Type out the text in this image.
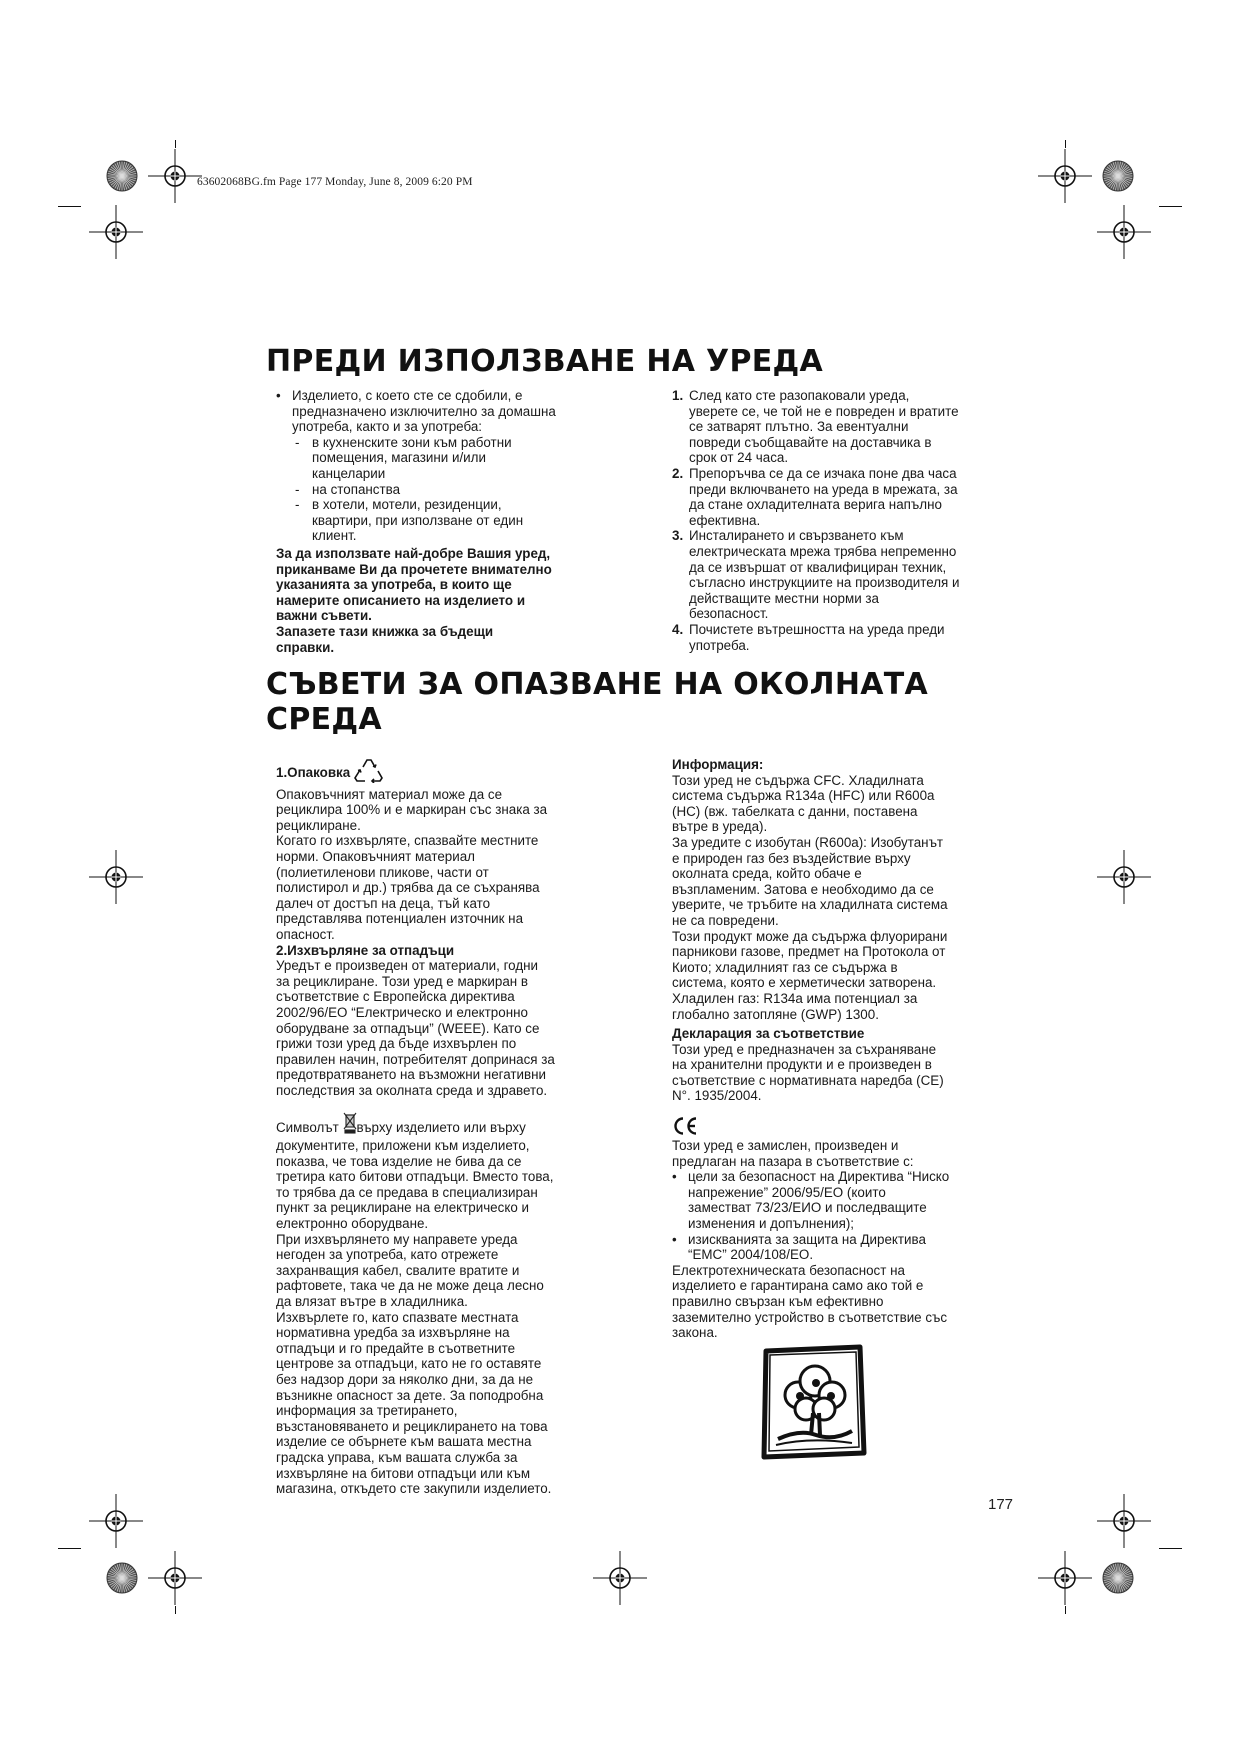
63602068BG.fm Page 177 Monday, June 8, 2009 6:20 PM
ПРЕДИ ИЗПОЛЗВАНЕ НА УРЕДА
• Изделието, с което сте се сдобили, е

предназначено изключително за домашна

употреба, както и за употреба:

- в кухненските зони към работни

помещения, магазини и/или

канцеларии

- на стопанства

- в хотели, мотели, резиденции,

квартири, при използване от един

клиент.

За да използвате най-добре Вашия уред,

приканваме Ви да прочетете внимателно

указанията за употреба, в които ще

намерите описанието на изделието и

важни съвети.

Запазете тази книжка за бъдещи

справки.

1. След като сте разопаковали уреда,

уверете се, че той не е повреден и вратите

се затварят плътно. За евентуални

повреди съобщавайте на доставчика в

срок от 24 часа.

2. Препоръчва се да се изчака поне два часа

преди включването на уреда в мрежата, за

да стане охладителната верига напълно

ефективна.

3. Инсталирането и свързването към

електрическата мрежа трябва непременно

да се извършат от квалифициран техник,

съгласно инструкциите на производителя и

действащите местни норми за

безопасност.

4. Почистете вътрешността на уреда преди

употреба.

СЪВЕТИ ЗА ОПАЗВАНЕ НА ОКОЛНАТА
СРЕДА

1.Опаковка

Опаковъчният материал може да се

рециклира 100% и е маркиран със знака за

рециклиране.

Когато го изхвърляте, спазвайте местните

норми. Опаковъчният материал

(полиетиленови пликове, части от

полистирол и др.) трябва да се съхранява

далеч от достъп на деца, тъй като

представлява потенциален източник на

опасност.

2.Изхвърляне за отпадъци

Уредът е произведен от материали, годни

за рециклиране. Този уред е маркиран в

съответствие с Европейска директива

2002/96/ЕО “Електрическо и електронно

оборудване за отпадъци” (WEEE). Като се

грижи този уред да бъде изхвърлен по

правилен начин, потребителят допринася за

предотвратяването на възможни негативни

последствия за околната среда и здравето.

Символът върху изделието или върху

документите, приложени към изделието,

показва, че това изделие не бива да се

третира като битови отпадъци. Вместо това,

то трябва да се предава в специализиран

пункт за рециклиране на електрическо и

електронно оборудване.

При изхвърлянето му направете уреда

негоден за употреба, като отрежете

захранващия кабел, свалите вратите и

рафтовете, така че да не може деца лесно

да влязат вътре в хладилника.

Изхвърлете го, като спазвате местната

нормативна уредба за изхвърляне на

отпадъци и го предайте в съответните

центрове за отпадъци, като не го оставяте

без надзор дори за няколко дни, за да не

възникне опасност за дете. За поподробна

информация за третирането,

възстановяването и рециклирането на това

изделие се обърнете към вашата местна

градска управа, към вашата служба за

изхвърляне на битови отпадъци или към

магазина, откъдето сте закупили изделието.

Информация:

Този уред не съдържа CFC. Хладилната

система съдържа R134a (HFC) или R600a

(HC) (вж. табелката с данни, поставена

вътре в уреда).

За уредите с изобутан (R600a): Изобутанът

е природен газ без въздействие върху

околната среда, който обаче е

възпламеним. Затова е необходимо да се

уверите, че тръбите на хладилната система

не са повредени.

Този продукт може да съдържа флуорирани

парникови газове, предмет на Протокола от

Киото; хладилният газ се съдържа в

система, която е херметически затворена.

Хладилен газ: R134a има потенциал за

глобално затопляне (GWP) 1300.

Декларация за съответствие

Този уред е предназначен за съхраняване

на хранителни продукти и е произведен в

съответствие с нормативната наредба (CE)

N°. 1935/2004.

Този уред е замислен, произведен и

предлаган на пазара в съответствие с:

• цели за безопасност на Директива “Ниско

напрежение” 2006/95/ЕО (които

заместват 73/23/ЕИО и последващите

изменения и допълнения);

• изискванията за защита на Директива

“EMC” 2004/108/ЕО.

Електротехническата безопасност на

изделието е гарантирана само ако той е

правилно свързан към ефективно

заземително устройство в съответствие със

закона.

177
